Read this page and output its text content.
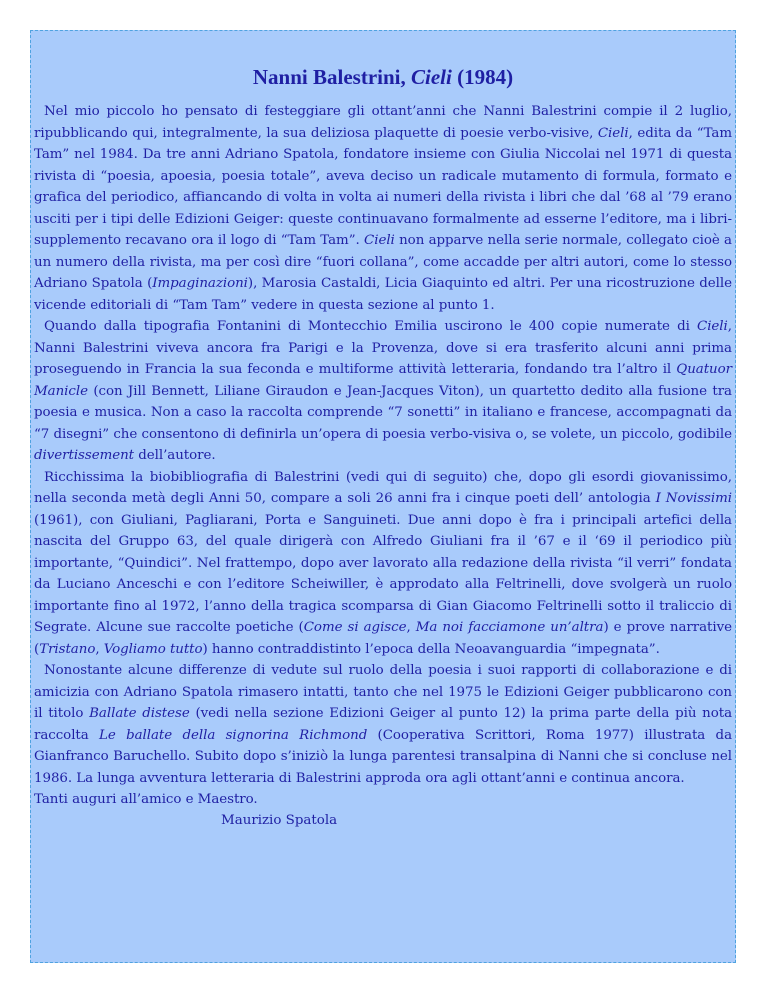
Nanni Balestrini, Cieli (1984)

Nel mio piccolo ho pensato di festeggiare gli ottant’anni che Nanni Balestrini compie il 2 luglio, ripubblicando qui, integralmente, la sua deliziosa plaquette di poesie verbo-visive, Cieli, edita da “Tam Tam” nel 1984. Da tre anni Adriano Spatola, fondatore insieme con Giulia Niccolai nel 1971 di questa rivista di “poesia, apoesia, poesia totale”, aveva deciso un radicale mutamento di formula, formato e grafica del periodico, affiancando di volta in volta ai numeri della rivista i libri che dal ’68 al ’79 erano usciti per i tipi delle Edizioni Geiger: queste continuavano formalmente ad esserne l’editore, ma i libri-supplemento recavano ora il logo di “Tam Tam”. Cieli non apparve nella serie normale, collegato cioè a un numero della rivista, ma per così dire “fuori collana”, come accadde per altri autori, come lo stesso Adriano Spatola (Impaginazioni), Marosia Castaldi, Licia Giaquinto ed altri. Per una ricostruzione delle vicende editoriali di “Tam Tam” vedere in questa sezione al punto 1.

Quando dalla tipografia Fontanini di Montecchio Emilia uscirono le 400 copie numerate di Cieli, Nanni Balestrini viveva ancora fra Parigi e la Provenza, dove si era trasferito alcuni anni prima proseguendo in Francia la sua feconda e multiforme attività letteraria, fondando tra l’altro il Quatuor Manicle (con Jill Bennett, Liliane Giraudon e Jean-Jacques Viton), un quartetto dedito alla fusione tra poesia e musica. Non a caso la raccolta comprende “7 sonetti” in italiano e francese, accompagnati da “7 disegni” che consentono di definirla un’opera di poesia verbo-visiva o, se volete, un piccolo, godibile divertissement dell’autore.

Ricchissima la biobibliografia di Balestrini (vedi qui di seguito) che, dopo gli esordi giovanissimo, nella seconda metà degli Anni 50, compare a soli 26 anni fra i cinque poeti dell’ antologia I Novissimi (1961), con Giuliani, Pagliarani, Porta e Sanguineti. Due anni dopo è fra i principali artefici della nascita del Gruppo 63, del quale dirigerà con Alfredo Giuliani fra il ’67 e il ‘69 il periodico più importante, “Quindici”. Nel frattempo, dopo aver lavorato alla redazione della rivista “il verri” fondata da Luciano Anceschi e con l’editore Scheiwiller, è approdato alla Feltrinelli, dove svolgerà un ruolo importante fino al 1972, l’anno della tragica scomparsa di Gian Giacomo Feltrinelli sotto il traliccio di Segrate. Alcune sue raccolte poetiche (Come si agisce, Ma noi facciamone un’altra) e prove narrative (Tristano, Vogliamo tutto) hanno contraddistinto l’epoca della Neoavanguardia “impegnata”.

Nonostante alcune differenze di vedute sul ruolo della poesia i suoi rapporti di collaborazione e di amicizia con Adriano Spatola rimasero intatti, tanto che nel 1975 le Edizioni Geiger pubblicarono con il titolo Ballate distese (vedi nella sezione Edizioni Geiger al punto 12) la prima parte della più nota raccolta Le ballate della signorina Richmond (Cooperativa Scrittori, Roma 1977) illustrata da Gianfranco Baruchello. Subito dopo s’iniziò la lunga parentesi transalpina di Nanni che si concluse nel 1986. La lunga avventura letteraria di Balestrini approda ora agli ottant’anni e continua ancora.

Tanti auguri all’amico e Maestro.

Maurizio Spatola
